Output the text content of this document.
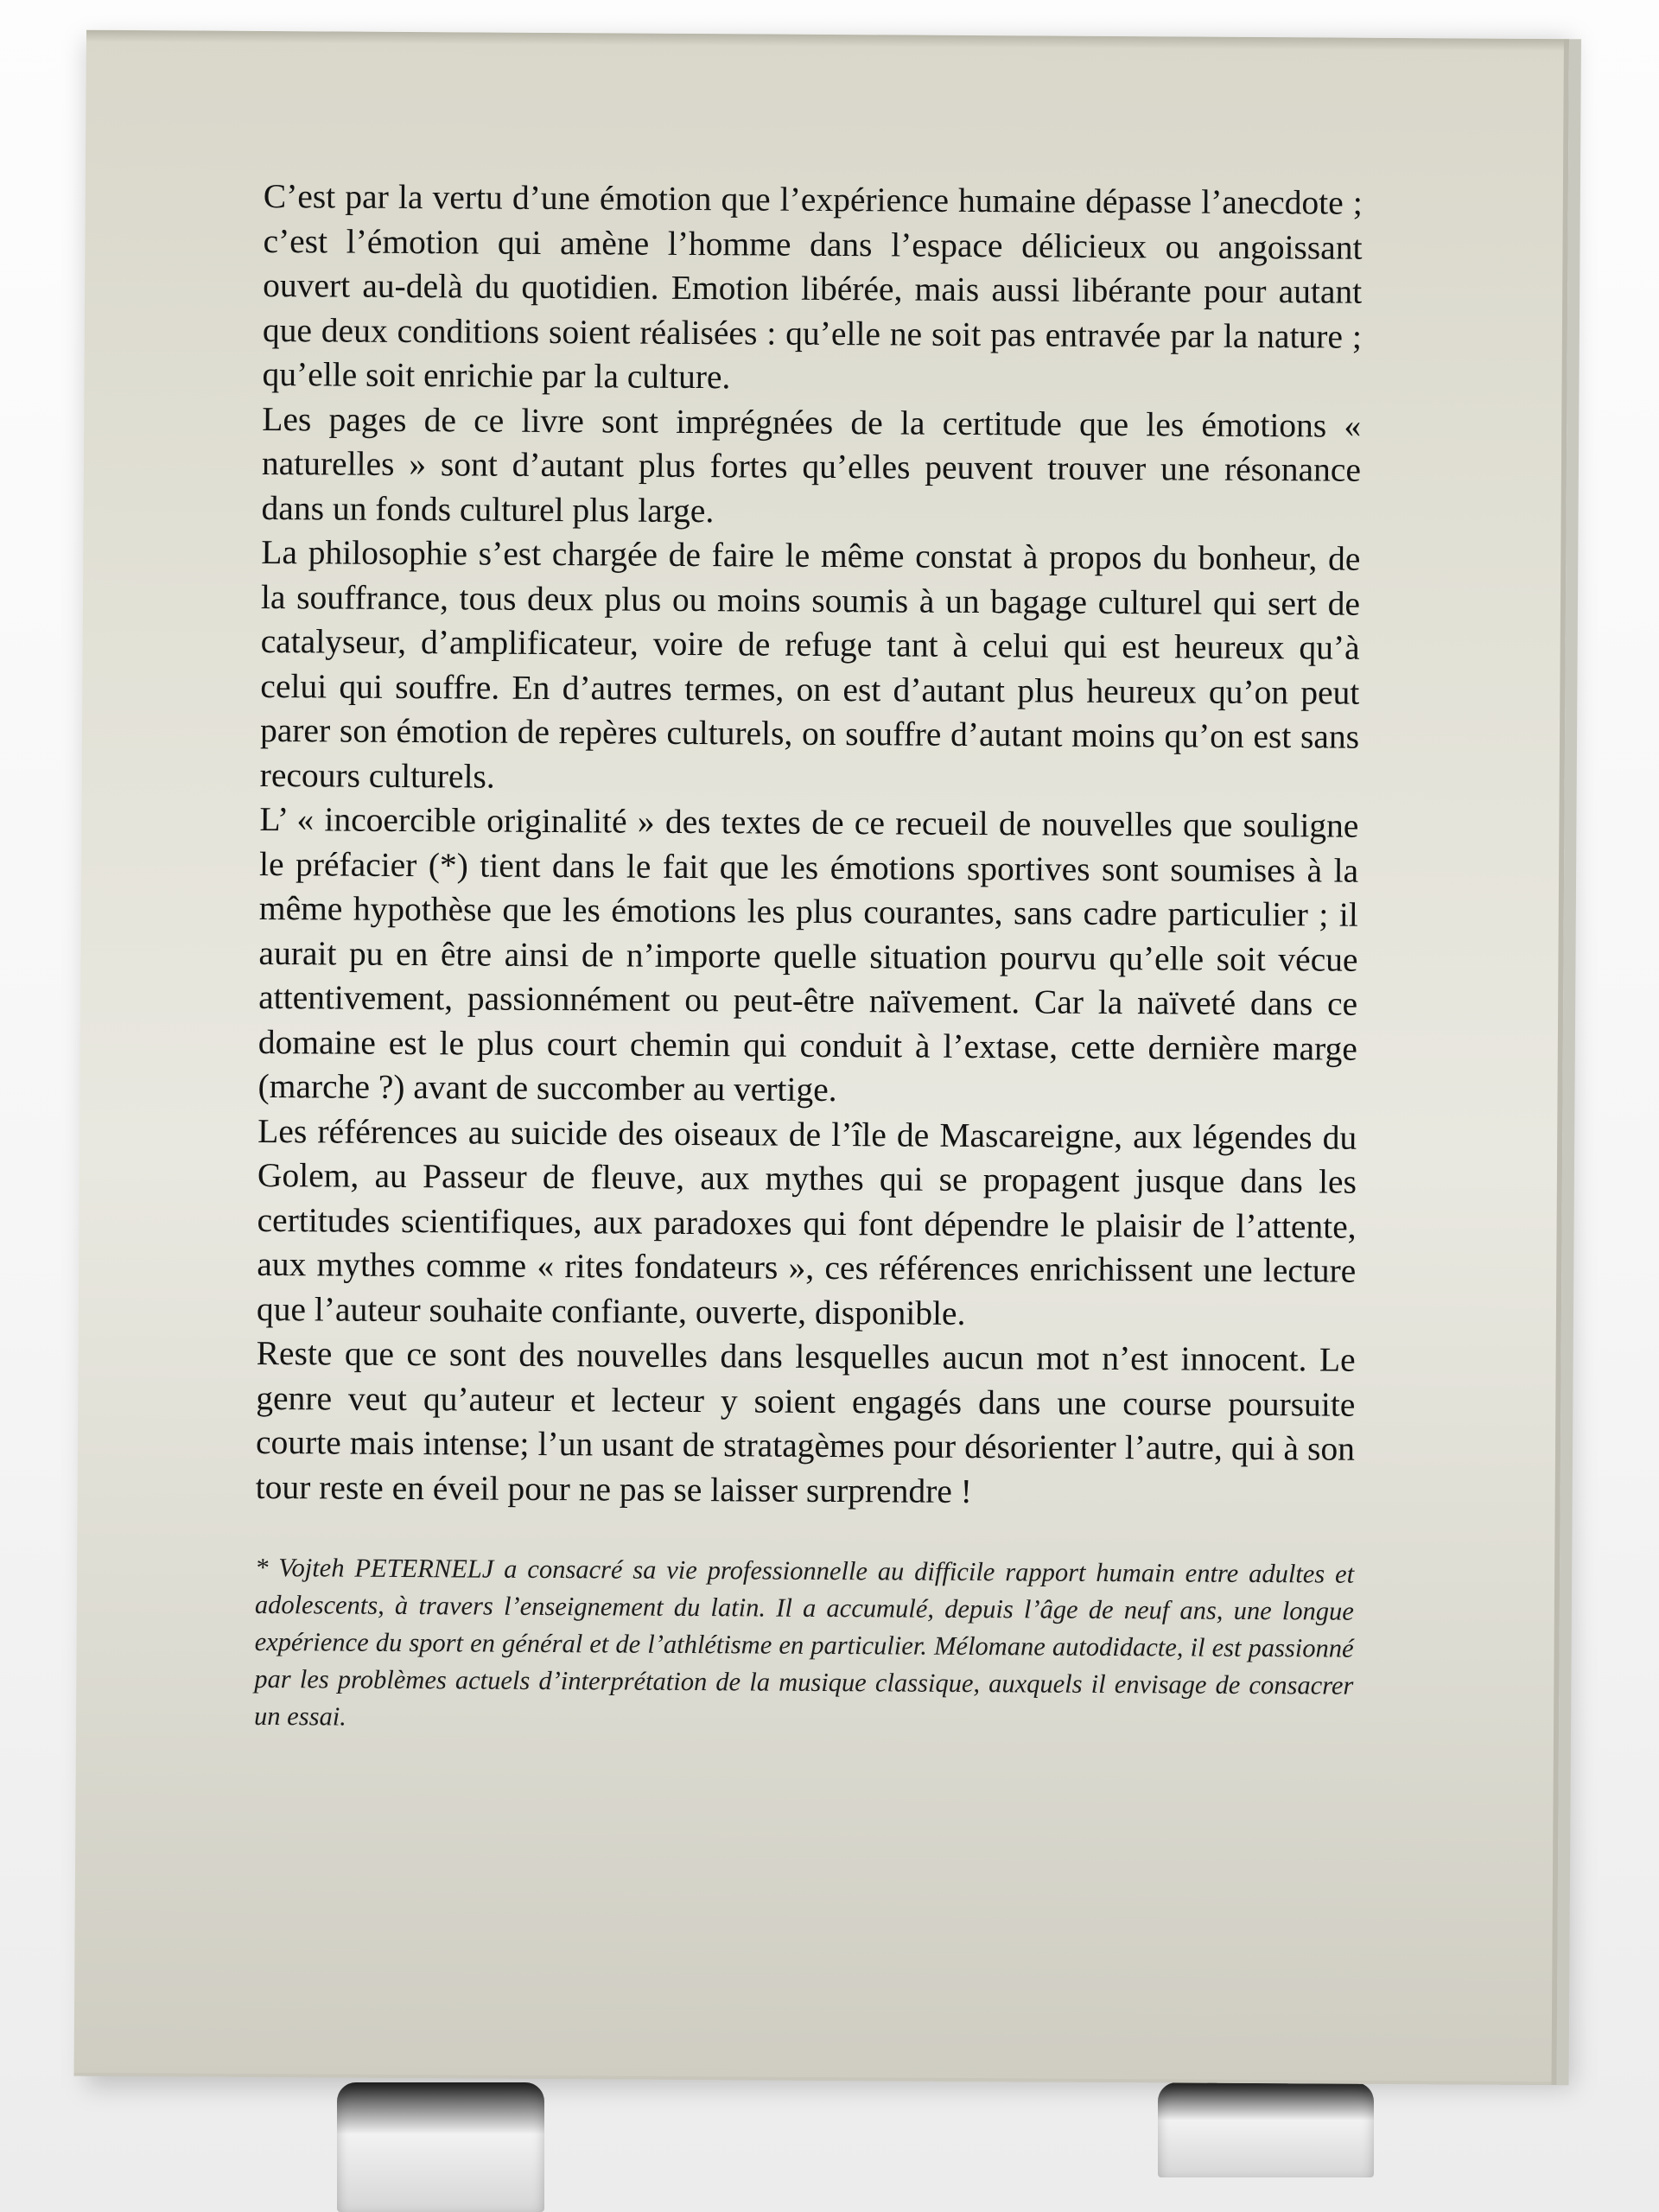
C’est par la vertu d’une émotion que l’expérience humaine dépasse l’anecdote ; c’est l’émotion qui amène l’homme dans l’espace délicieux ou angoissant ouvert au-delà du quotidien. Emotion libérée, mais aussi libérante pour autant que deux conditions soient réalisées : qu’elle ne soit pas entravée par la nature ; qu’elle soit enrichie par la culture.

Les pages de ce livre sont imprégnées de la certitude que les émotions « naturelles » sont d’autant plus fortes qu’elles peuvent trouver une résonance dans un fonds culturel plus large.

La philosophie s’est chargée de faire le même constat à propos du bonheur, de la souffrance, tous deux plus ou moins soumis à un bagage culturel qui sert de catalyseur, d’amplificateur, voire de refuge tant à celui qui est heureux qu’à celui qui souffre. En d’autres termes, on est d’autant plus heureux qu’on peut parer son émotion de repères culturels, on souffre d’autant moins qu’on est sans recours culturels.

L’ « incoercible originalité » des textes de ce recueil de nouvelles que souligne le préfacier (*) tient dans le fait que les émotions sportives sont soumises à la même hypothèse que les émotions les plus courantes, sans cadre particulier ; il aurait pu en être ainsi de n’importe quelle situation pourvu qu’elle soit vécue attentivement, passionnément ou peut-être naïvement. Car la naïveté dans ce domaine est le plus court chemin qui conduit à l’extase, cette dernière marge (marche ?) avant de succomber au vertige.

Les références au suicide des oiseaux de l’île de Mascareigne, aux légendes du Golem, au Passeur de fleuve, aux mythes qui se propagent jusque dans les certitudes scientifiques, aux paradoxes qui font dépendre le plaisir de l’attente, aux mythes comme « rites fondateurs », ces références enrichissent une lecture que l’auteur souhaite confiante, ouverte, disponible.

Reste que ce sont des nouvelles dans lesquelles aucun mot n’est innocent. Le genre veut qu’auteur et lecteur y soient engagés dans une course poursuite courte mais intense; l’un usant de stratagèmes pour désorienter l’autre, qui à son tour reste en éveil pour ne pas se laisser surprendre !

* Vojteh PETERNELJ a consacré sa vie professionnelle au difficile rapport humain entre adultes et adolescents, à travers l’enseignement du latin. Il a accumulé, depuis l’âge de neuf ans, une longue expérience du sport en général et de l’athlétisme en particulier. Mélomane autodidacte, il est passionné par les problèmes actuels d’interprétation de la musique classique, auxquels il envisage de consacrer un essai.
